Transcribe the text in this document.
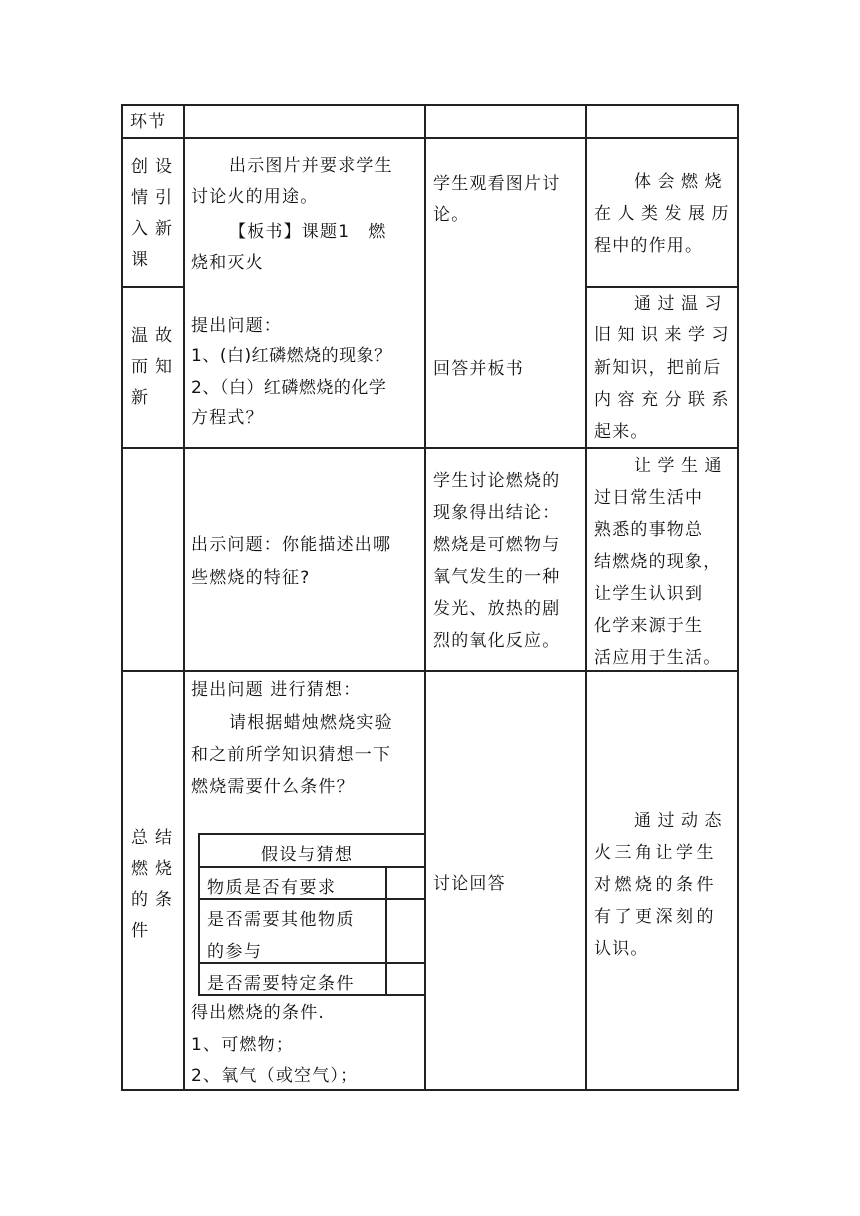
环节
创设
情引
入新
课
出示图片并要求学生
讨论火的用途。
【板书】课题1　燃
烧和灭火
学生观看图片讨
论。
体会燃烧
在人类发展历
程中的作用。
温故
而知
新
提出问题：
1、(白)红磷燃烧的现象？
2、（白）红磷燃烧的化学
方程式？
回答并板书
通过温习
旧知识来学习
新知识，把前后
内容充分联系
起来。
出示问题：你能描述出哪
些燃烧的特征?
学生讨论燃烧的
现象得出结论：
燃烧是可燃物与
氧气发生的一种
发光、放热的剧
烈的氧化反应。
让学生通
过日常生活中
熟悉的事物总
结燃烧的现象，
让学生认识到
化学来源于生
活应用于生活。
总结
燃烧
的条
件
提出问题 进行猜想：
请根据蜡烛燃烧实验
和之前所学知识猜想一下
燃烧需要什么条件？
假设与猜想
物质是否有要求
是否需要其他物质
的参与
是否需要特定条件
得出燃烧的条件.
1、可燃物；
2、氧气（或空气）；
讨论回答
通过动态
火三角让学生
对燃烧的条件
有了更深刻的
认识。
